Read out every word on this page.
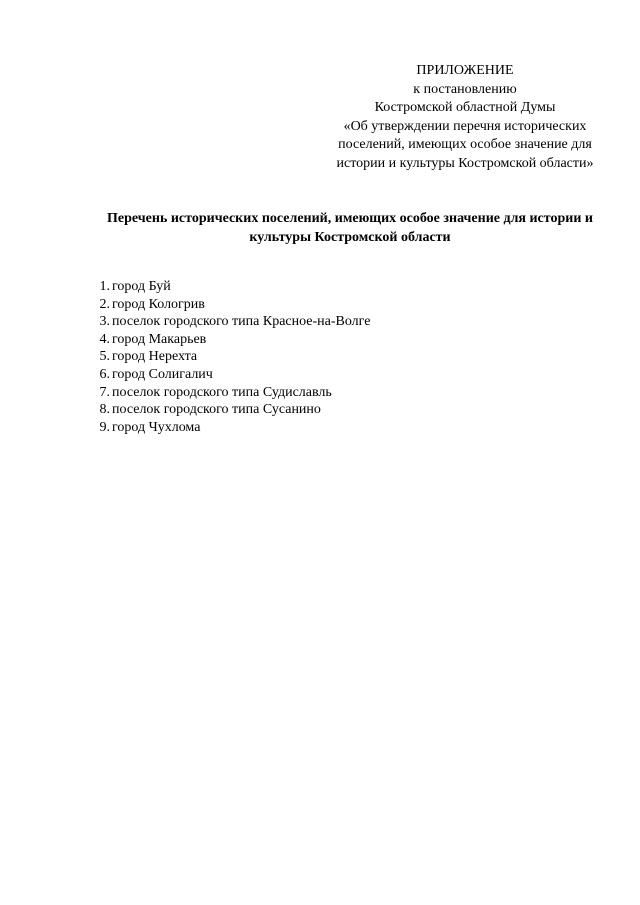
ПРИЛОЖЕНИЕ
к постановлению
Костромской областной Думы
«Об утверждении перечня исторических
поселений, имеющих особое значение для
истории и культуры Костромской области»
Перечень исторических поселений, имеющих особое значение для истории и
культуры Костромской области
1. город Буй
2. город Кологрив
3. поселок городского типа Красное-на-Волге
4. город Макарьев
5. город Нерехта
6. город Солигалич
7. поселок городского типа Судиславль
8. поселок городского типа Сусанино
9. город Чухлома
